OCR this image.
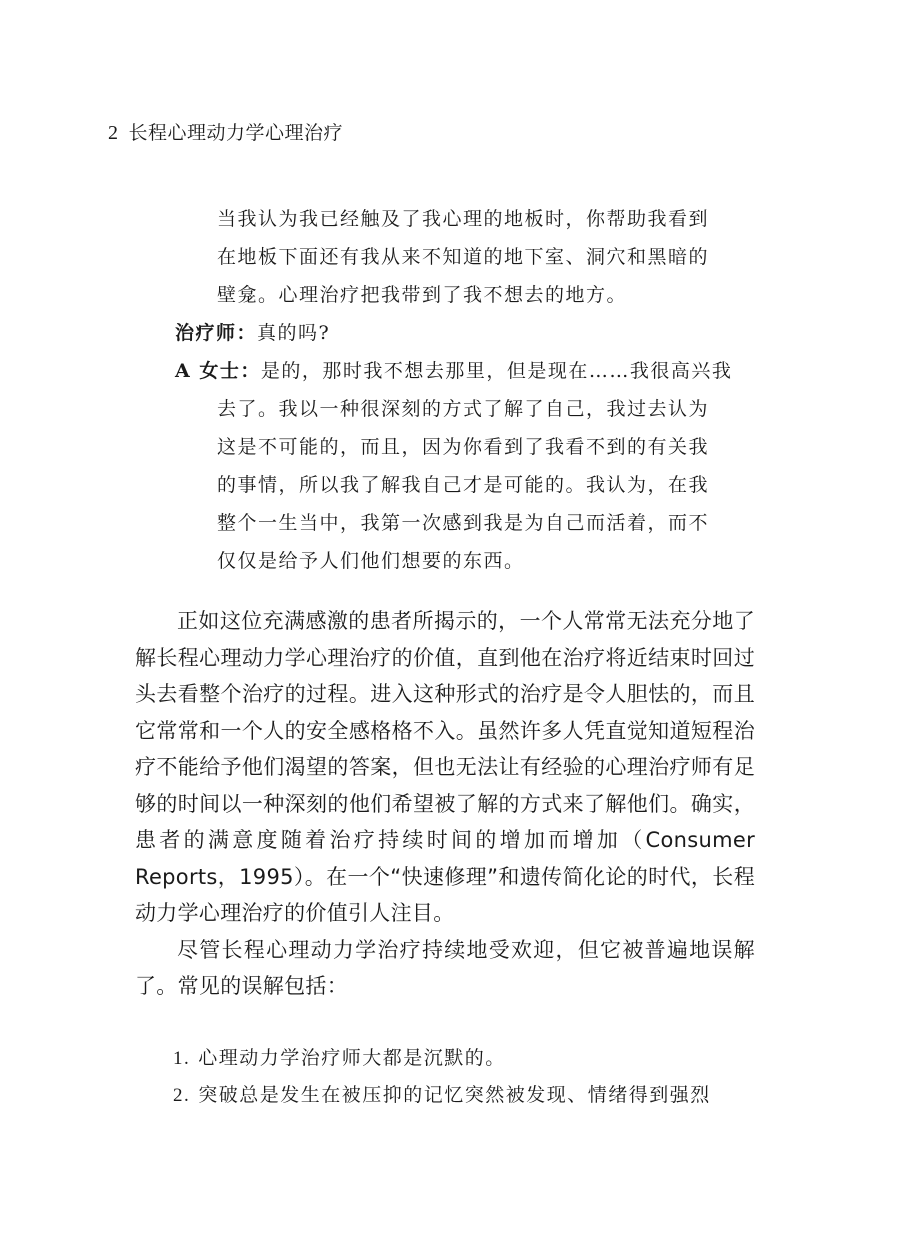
2 长程心理动力学心理治疗
当我认为我已经触及了我心理的地板时，你帮助我看到在地板下面还有我从来不知道的地下室、洞穴和黑暗的壁龛。心理治疗把我带到了我不想去的地方。
治疗师：真的吗?
A 女士：是的，那时我不想去那里，但是现在……我很高兴我
去了。我以一种很深刻的方式了解了自己，我过去认为这是不可能的，而且，因为你看到了我看不到的有关我的事情，所以我了解我自己才是可能的。我认为，在我整个一生当中，我第一次感到我是为自己而活着，而不仅仅是给予人们他们想要的东西。

正如这位充满感激的患者所揭示的，一个人常常无法充分地了解长程心理动力学心理治疗的价值，直到他在治疗将近结束时回过头去看整个治疗的过程。进入这种形式的治疗是令人胆怯的，而且它常常和一个人的安全感格格不入。虽然许多人凭直觉知道短程治疗不能给予他们渴望的答案，但也无法让有经验的心理治疗师有足够的时间以一种深刻的他们希望被了解的方式来了解他们。确实，患者的满意度随着治疗持续时间的增加而增加（Consumer Reports，1995）。在一个“快速修理”和遗传简化论的时代，长程动力学心理治疗的价值引人注目。

尽管长程心理动力学治疗持续地受欢迎，但它被普遍地误解了。常见的误解包括：

1. 心理动力学治疗师大都是沉默的。
2. 突破总是发生在被压抑的记忆突然被发现、情绪得到强烈
